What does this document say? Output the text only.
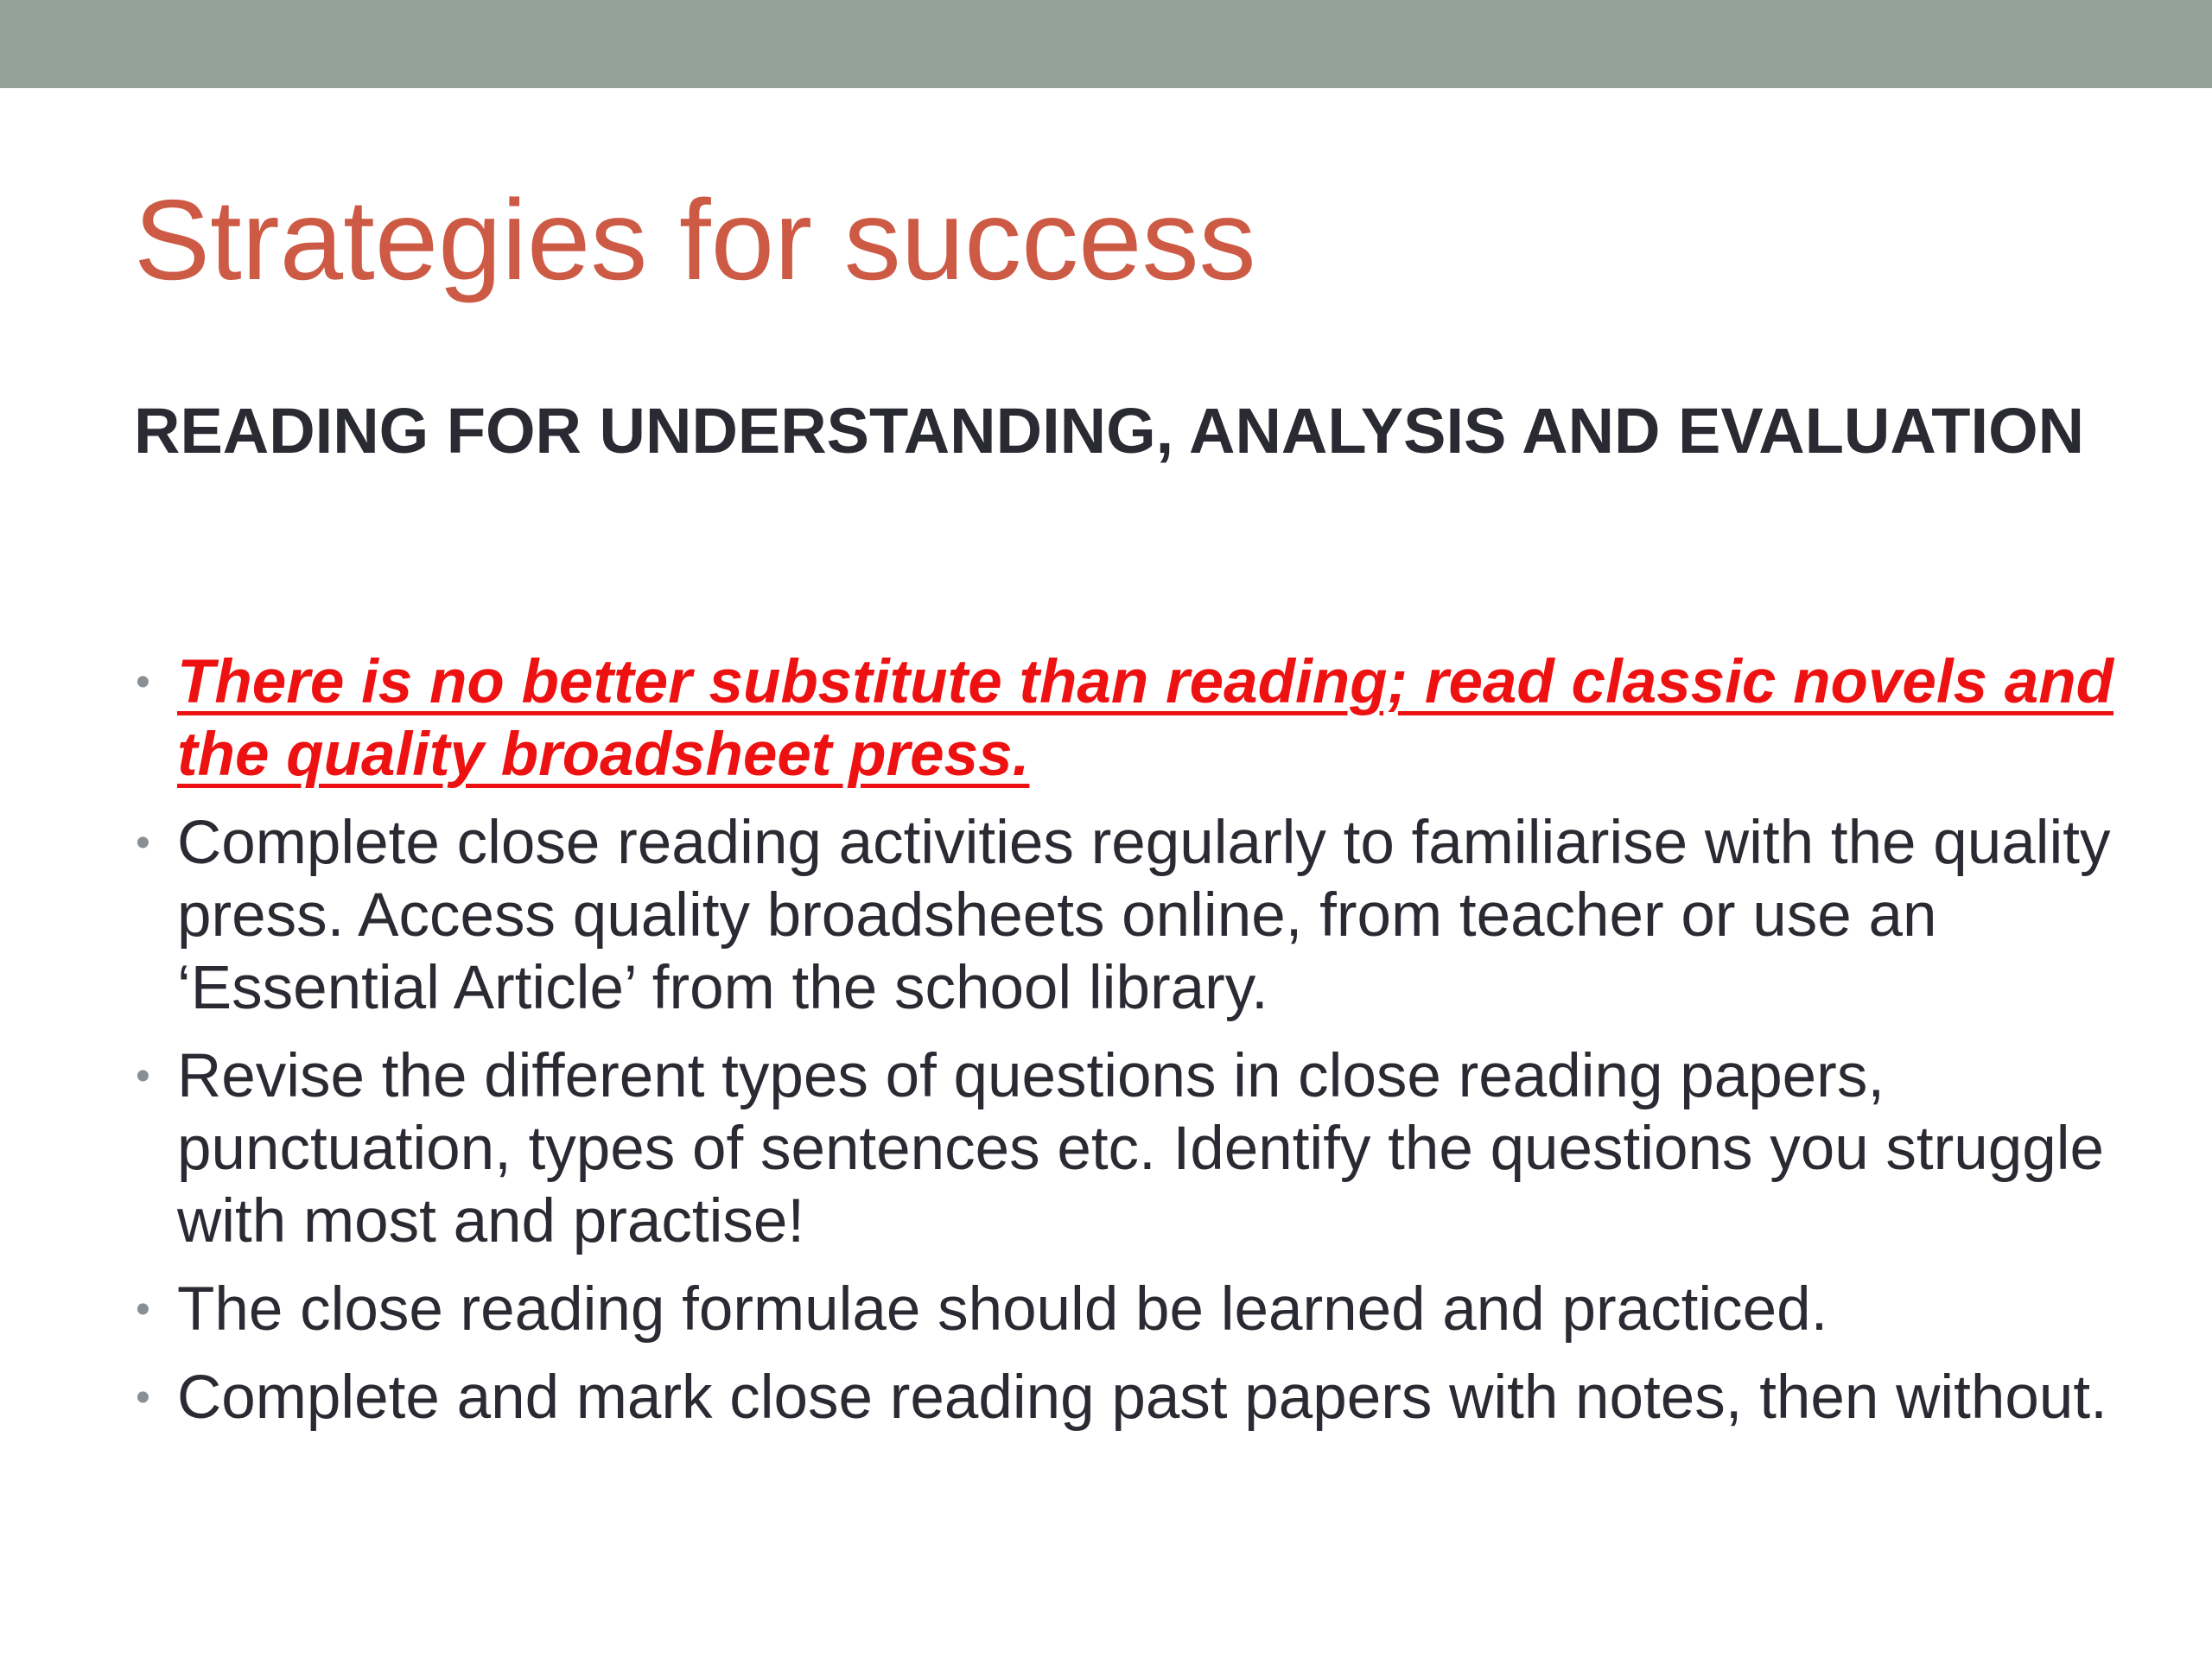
Strategies for success
READING FOR UNDERSTANDING, ANALYSIS AND EVALUATION
• There is no better substitute than reading; read classic novels and the quality broadsheet press.
• Complete close reading activities regularly to familiarise with the quality press. Access quality broadsheets online, from teacher or use an ‘Essential Article’ from the school library.
• Revise the different types of questions in close reading papers, punctuation, types of sentences etc. Identify the questions you struggle with most and practise!
• The close reading formulae should be learned and practiced.
• Complete and mark close reading past papers with notes, then without.
